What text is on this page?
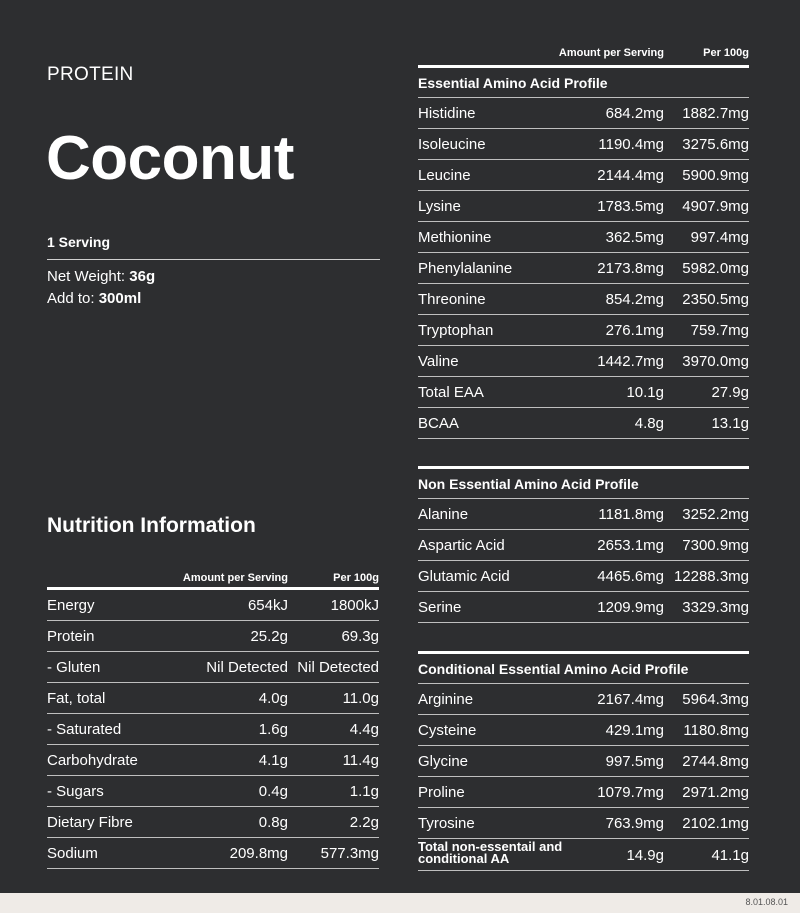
PROTEIN
Coconut
1 Serving
Net Weight: 36g
Add to: 300ml
Nutrition Information
Amount per Serving	Per 100g
Energy	654kJ	1800kJ
Protein	25.2g	69.3g
- Gluten	Nil Detected Nil Detected
Fat, total	4.0g	11.0g
- Saturated	1.6g	4.4g
Carbohydrate	4.1g	11.4g
- Sugars	0.4g	1.1g
Dietary Fibre	0.8g	2.2g
Sodium	209.8mg 577.3mg
Amount per Serving	Per 100g
Essential Amino Acid Profile
Histidine	684.2mg 1882.7mg
Isoleucine	1190.4mg 3275.6mg
Leucine	2144.4mg 5900.9mg
Lysine	1783.5mg 4907.9mg
Methionine	362.5mg 997.4mg
Phenylalanine	2173.8mg 5982.0mg
Threonine	854.2mg 2350.5mg
Tryptophan	276.1mg 759.7mg
Valine	1442.7mg 3970.0mg
Total EAA	10.1g	27.9g
BCAA	4.8g	13.1g
Non Essential Amino Acid Profile
Alanine	1181.8mg 3252.2mg
Aspartic Acid	2653.1mg 7300.9mg
Glutamic Acid	4465.6mg 12288.3mg
Serine	1209.9mg 3329.3mg
Conditional Essential Amino Acid Profile
Arginine	2167.4mg 5964.3mg
Cysteine	429.1mg 1180.8mg
Glycine	997.5mg 2744.8mg
Proline	1079.7mg 2971.2mg
Tyrosine	763.9mg 2102.1mg
Total non-essentail and conditional AA	14.9g	41.1g
8.01.08.01
